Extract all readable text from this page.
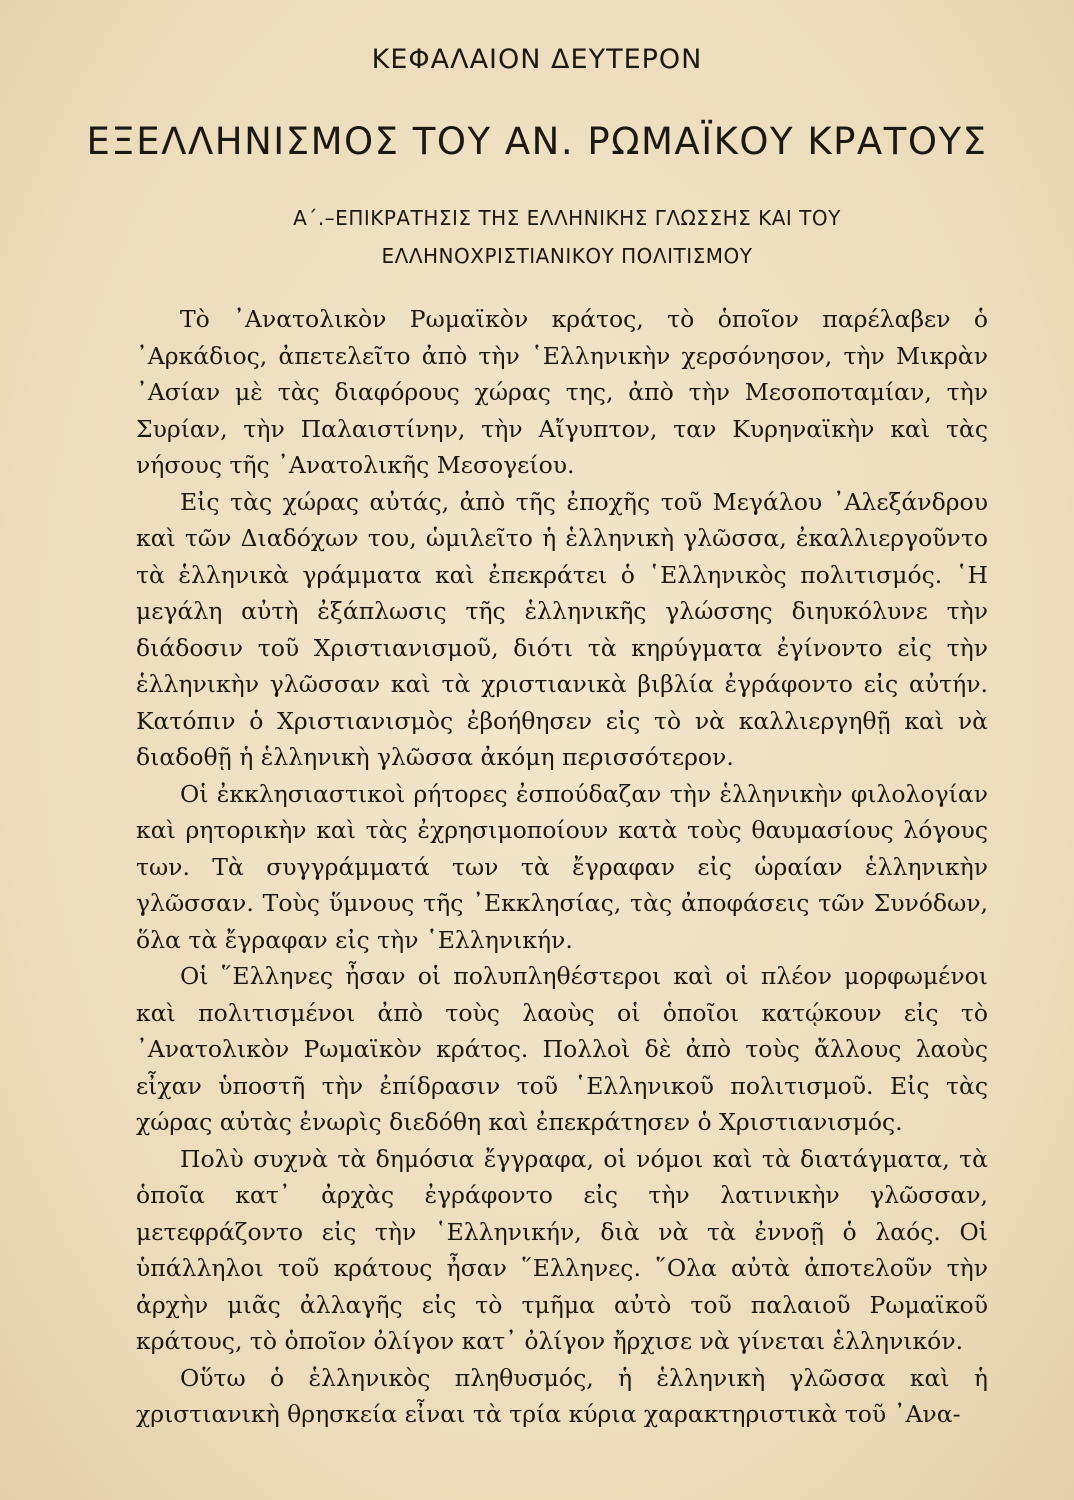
ΚΕΦΑΛΑΙΟΝ ΔΕΥΤΕΡΟΝ
ΕΞΕΛΛΗΝΙΣΜΟΣ ΤΟΥ ΑΝ. ΡΩΜΑΪΚΟΥ ΚΡΑΤΟΥΣ
Α΄.–ΕΠΙΚΡΑΤΗΣΙΣ ΤΗΣ ΕΛΛΗΝΙΚΗΣ ΓΛΩΣΣΗΣ ΚΑΙ ΤΟΥ
ΕΛΛΗΝΟΧΡΙΣΤΙΑΝΙΚΟΥ ΠΟΛΙΤΙΣΜΟΥ

Τὸ ᾿Ανατολικὸν Ρωμαϊκὸν κράτος, τὸ ὁποῖον παρέλαβεν ὁ ᾿Αρκάδιος, ἀπετελεῖτο ἀπὸ τὴν ῾Ελληνικὴν χερσόνησον, τὴν Μικρὰν ᾿Ασίαν μὲ τὰς διαφόρους χώρας της, ἀπὸ τὴν Μεσοποταμίαν, τὴν Συρίαν, τὴν Παλαιστίνην, τὴν Αἴγυπτον, ταν Κυρηναϊκὴν καὶ τὰς νήσους τῆς ᾿Ανατολικῆς Μεσογείου.

Εἰς τὰς χώρας αὐτάς, ἀπὸ τῆς ἐποχῆς τοῦ Μεγάλου ᾿Αλεξάνδρου καὶ τῶν Διαδόχων του, ὡμιλεῖτο ἡ ἑλληνικὴ γλῶσσα, ἐκαλλιεργοῦντο τὰ ἑλληνικὰ γράμματα καὶ ἐπεκράτει ὁ ῾Ελληνικὸς πολιτισμός. ῾Η μεγάλη αὐτὴ ἐξάπλωσις τῆς ἑλληνικῆς γλώσσης διηυκόλυνε τὴν διάδοσιν τοῦ Χριστιανισμοῦ, διότι τὰ κηρύγματα ἐγίνοντο εἰς τὴν ἑλληνικὴν γλῶσσαν καὶ τὰ χριστιανικὰ βιβλία ἐγράφοντο εἰς αὐτήν. Κατόπιν ὁ Χριστιανισμὸς ἐβοήθησεν εἰς τὸ νὰ καλλιεργηθῇ καὶ νὰ διαδοθῇ ἡ ἑλληνικὴ γλῶσσα ἀκόμη περισσότερον.

Οἱ ἐκκλησιαστικοὶ ρήτορες ἐσπούδαζαν τὴν ἑλληνικὴν φιλολογίαν καὶ ρητορικὴν καὶ τὰς ἐχρησιμοποίουν κατὰ τοὺς θαυμασίους λόγους των. Τὰ συγγράμματά των τὰ ἔγραφαν εἰς ὡραίαν ἑλληνικὴν γλῶσσαν. Τοὺς ὕμνους τῆς ᾿Εκκλησίας, τὰς ἀποφάσεις τῶν Συνόδων, ὅλα τὰ ἔγραφαν εἰς τὴν ῾Ελληνικήν.

Οἱ ῞Ελληνες ἦσαν οἱ πολυπληθέστεροι καὶ οἱ πλέον μορφωμένοι καὶ πολιτισμένοι ἀπὸ τοὺς λαοὺς οἱ ὁποῖοι κατῴκουν εἰς τὸ ᾿Ανατολικὸν Ρωμαϊκὸν κράτος. Πολλοὶ δὲ ἀπὸ τοὺς ἄλλους λαοὺς εἶχαν ὑποστῆ τὴν ἐπίδρασιν τοῦ ῾Ελληνικοῦ πολιτισμοῦ. Εἰς τὰς χώρας αὐτὰς ἐνωρὶς διεδόθη καὶ ἐπεκράτησεν ὁ Χριστιανισμός.

Πολὺ συχνὰ τὰ δημόσια ἔγγραφα, οἱ νόμοι καὶ τὰ διατάγματα, τὰ ὁποῖα κατ᾿ ἀρχὰς ἐγράφοντο εἰς τὴν λατινικὴν γλῶσσαν, μετεφράζοντο εἰς τὴν ῾Ελληνικήν, διὰ νὰ τὰ ἐννοῇ ὁ λαός. Οἱ ὑπάλληλοι τοῦ κράτους ἦσαν ῞Ελληνες. ῞Ολα αὐτὰ ἀποτελοῦν τὴν ἀρχὴν μιᾶς ἀλλαγῆς εἰς τὸ τμῆμα αὐτὸ τοῦ παλαιοῦ Ρωμαϊκοῦ κράτους, τὸ ὁποῖον ὀλίγον κατ᾿ ὀλίγον ἤρχισε νὰ γίνεται ἑλληνικόν.

Οὕτω ὁ ἑλληνικὸς πληθυσμός, ἡ ἑλληνικὴ γλῶσσα καὶ ἡ χριστιανικὴ θρησκεία εἶναι τὰ τρία κύρια χαρακτηριστικὰ τοῦ ᾿Ανα-
